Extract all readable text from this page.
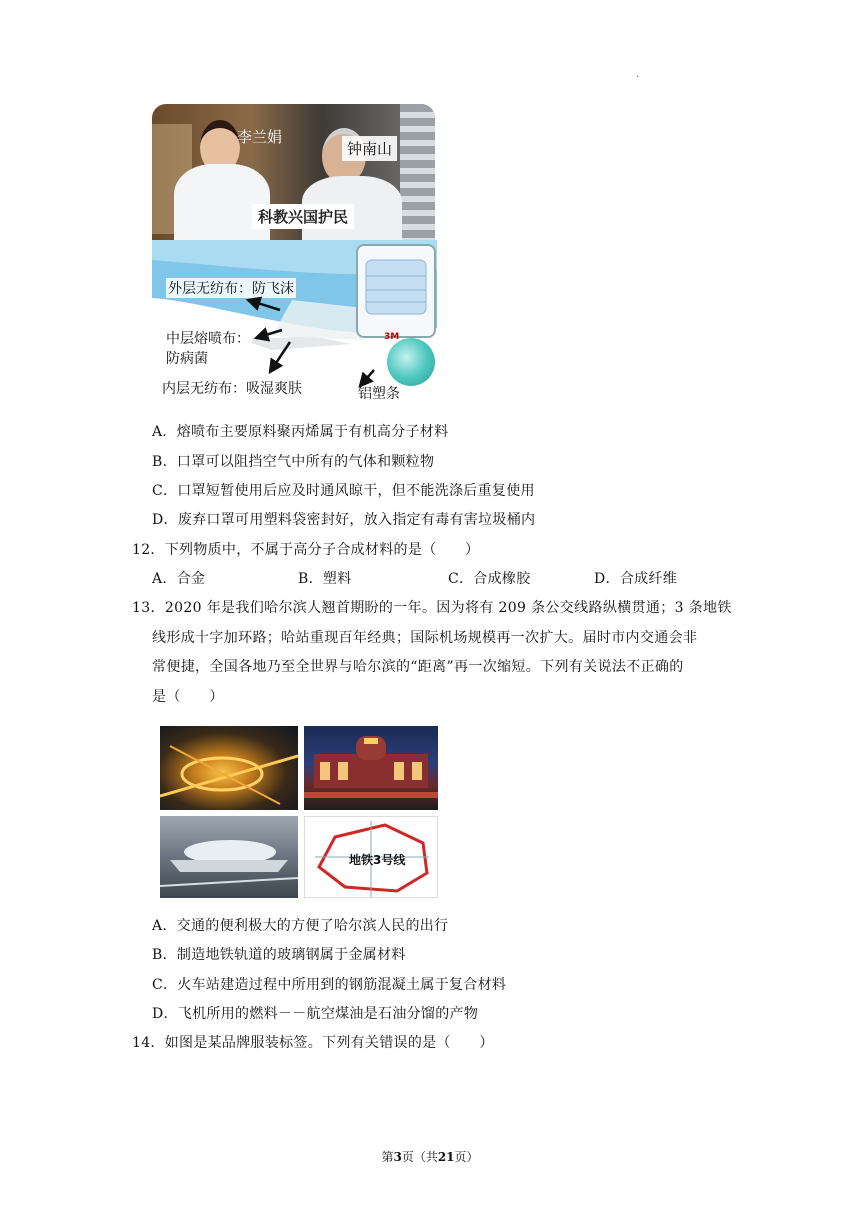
·
李兰娟
钟南山
科教兴国护民
外层无纺布：防飞沫
中层熔喷布：
防病菌
内层无纺布：吸湿爽肤
3M
铝塑条
A．熔喷布主要原料聚丙烯属于有机高分子材料
B．口罩可以阻挡空气中所有的气体和颗粒物
C．口罩短暂使用后应及时通风晾干，但不能洗涤后重复使用
D．废弃口罩可用塑料袋密封好，放入指定有毒有害垃圾桶内
12．下列物质中，不属于高分子合成材料的是（　　）
A．合金	B．塑料	C．合成橡胶	D．合成纤维
13．2020 年是我们哈尔滨人翘首期盼的一年。因为将有 209 条公交线路纵横贯通；3 条地铁
线形成十字加环路；哈站重现百年经典；国际机场规模再一次扩大。届时市内交通会非
常便捷，全国各地乃至全世界与哈尔滨的“距离”再一次缩短。下列有关说法不正确的
是（　　）
地铁3号线
A．交通的便利极大的方便了哈尔滨人民的出行
B．制造地铁轨道的玻璃钢属于金属材料
C．火车站建造过程中所用到的钢筋混凝土属于复合材料
D．飞机所用的燃料－－航空煤油是石油分馏的产物
14．如图是某品牌服装标签。下列有关错误的是（　　）
第3页（共21页）
